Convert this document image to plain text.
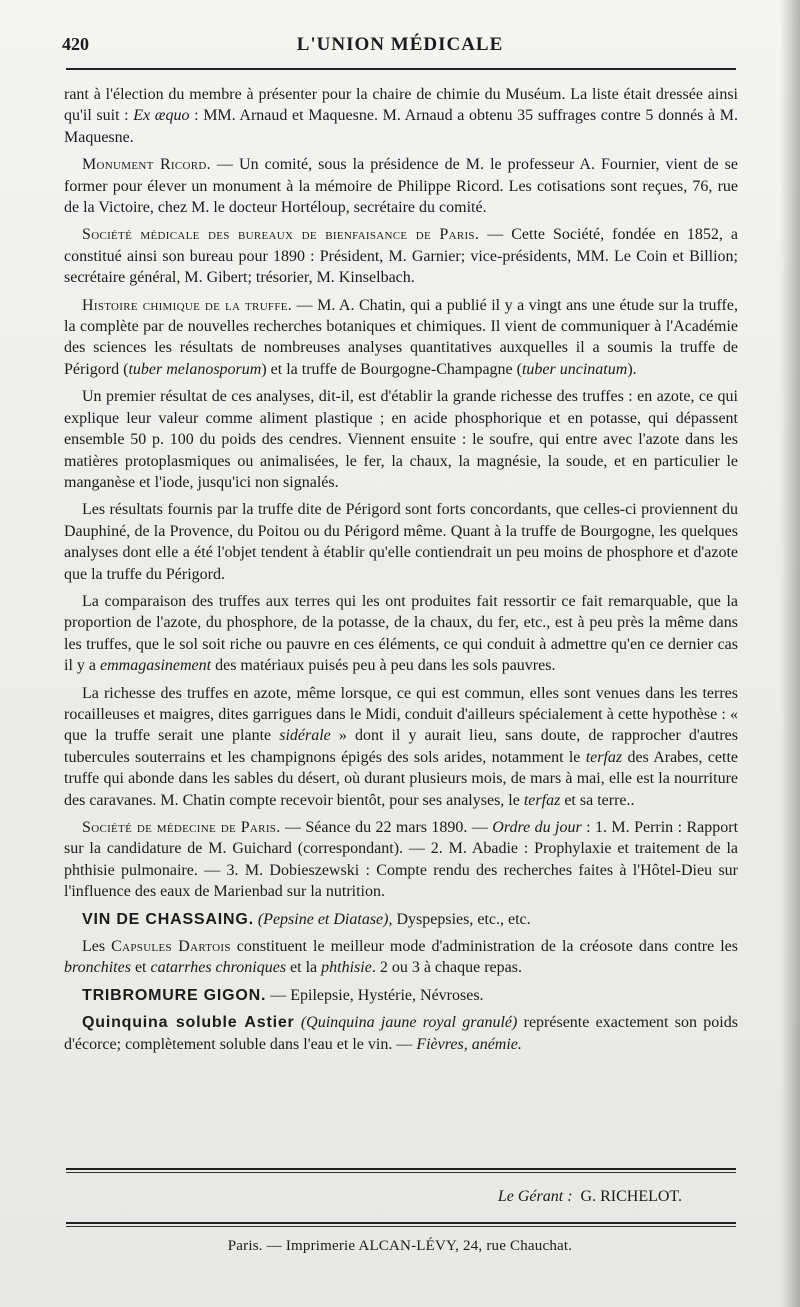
420	L'UNION MÉDICALE

rant à l'élection du membre à présenter pour la chaire de chimie du Muséum. La liste était dressée ainsi qu'il suit : Ex æquo : MM. Arnaud et Maquesne. M. Arnaud a obtenu 35 suffrages contre 5 donnés à M. Maquesne.

Monument Ricord. — Un comité, sous la présidence de M. le professeur A. Fournier, vient de se former pour élever un monument à la mémoire de Philippe Ricord. Les cotisations sont reçues, 76, rue de la Victoire, chez M. le docteur Hortéloup, secrétaire du comité.

Société médicale des bureaux de bienfaisance de Paris. — Cette Société, fondée en 1852, a constitué ainsi son bureau pour 1890 : Président, M. Garnier; vice-présidents, MM. Le Coin et Billion; secrétaire général, M. Gibert; trésorier, M. Kinselbach.

Histoire chimique de la truffe. — M. A. Chatin, qui a publié il y a vingt ans une étude sur la truffe, la complète par de nouvelles recherches botaniques et chimiques. Il vient de communiquer à l'Académie des sciences les résultats de nombreuses analyses quantitatives auxquelles il a soumis la truffe de Périgord (tuber melanosporum) et la truffe de Bourgogne-Champagne (tuber uncinatum).

Un premier résultat de ces analyses, dit-il, est d'établir la grande richesse des truffes : en azote, ce qui explique leur valeur comme aliment plastique ; en acide phosphorique et en potasse, qui dépassent ensemble 50 p. 100 du poids des cendres. Viennent ensuite : le soufre, qui entre avec l'azote dans les matières protoplasmiques ou animalisées, le fer, la chaux, la magnésie, la soude, et en particulier le manganèse et l'iode, jusqu'ici non signalés.

Les résultats fournis par la truffe dite de Périgord sont forts concordants, que celles-ci proviennent du Dauphiné, de la Provence, du Poitou ou du Périgord même. Quant à la truffe de Bourgogne, les quelques analyses dont elle a été l'objet tendent à établir qu'elle contiendrait un peu moins de phosphore et d'azote que la truffe du Périgord.

La comparaison des truffes aux terres qui les ont produites fait ressortir ce fait remarquable, que la proportion de l'azote, du phosphore, de la potasse, de la chaux, du fer, etc., est à peu près la même dans les truffes, que le sol soit riche ou pauvre en ces éléments, ce qui conduit à admettre qu'en ce dernier cas il y a emmagasinement des matériaux puisés peu à peu dans les sols pauvres.

La richesse des truffes en azote, même lorsque, ce qui est commun, elles sont venues dans les terres rocailleuses et maigres, dites garrigues dans le Midi, conduit d'ailleurs spécialement à cette hypothèse : « que la truffe serait une plante sidérale » dont il y aurait lieu, sans doute, de rapprocher d'autres tubercules souterrains et les champignons épigés des sols arides, notamment le terfaz des Arabes, cette truffe qui abonde dans les sables du désert, où durant plusieurs mois, de mars à mai, elle est la nourriture des caravanes. M. Chatin compte recevoir bientôt, pour ses analyses, le terfaz et sa terre..

Société de médecine de Paris. — Séance du 22 mars 1890. — Ordre du jour : 1. M. Perrin : Rapport sur la candidature de M. Guichard (correspondant). — 2. M. Abadie : Prophylaxie et traitement de la phthisie pulmonaire. — 3. M. Dobieszewski : Compte rendu des recherches faites à l'Hôtel-Dieu sur l'influence des eaux de Marienbad sur la nutrition.

VIN DE CHASSAING. (Pepsine et Diatase), Dyspepsies, etc., etc.

Les Capsules Dartois constituent le meilleur mode d'administration de la créosote dans contre les bronchites et catarrhes chroniques et la phthisie. 2 ou 3 à chaque repas.

TRIBROMURE GIGON. — Epilepsie, Hystérie, Névroses.

Quinquina soluble Astier (Quinquina jaune royal granulé) représente exactement son poids d'écorce; complètement soluble dans l'eau et le vin. — Fièvres, anémie.

Le Gérant : G. RICHELOT.
Paris. — Imprimerie ALCAN-LÉVY, 24, rue Chauchat.
